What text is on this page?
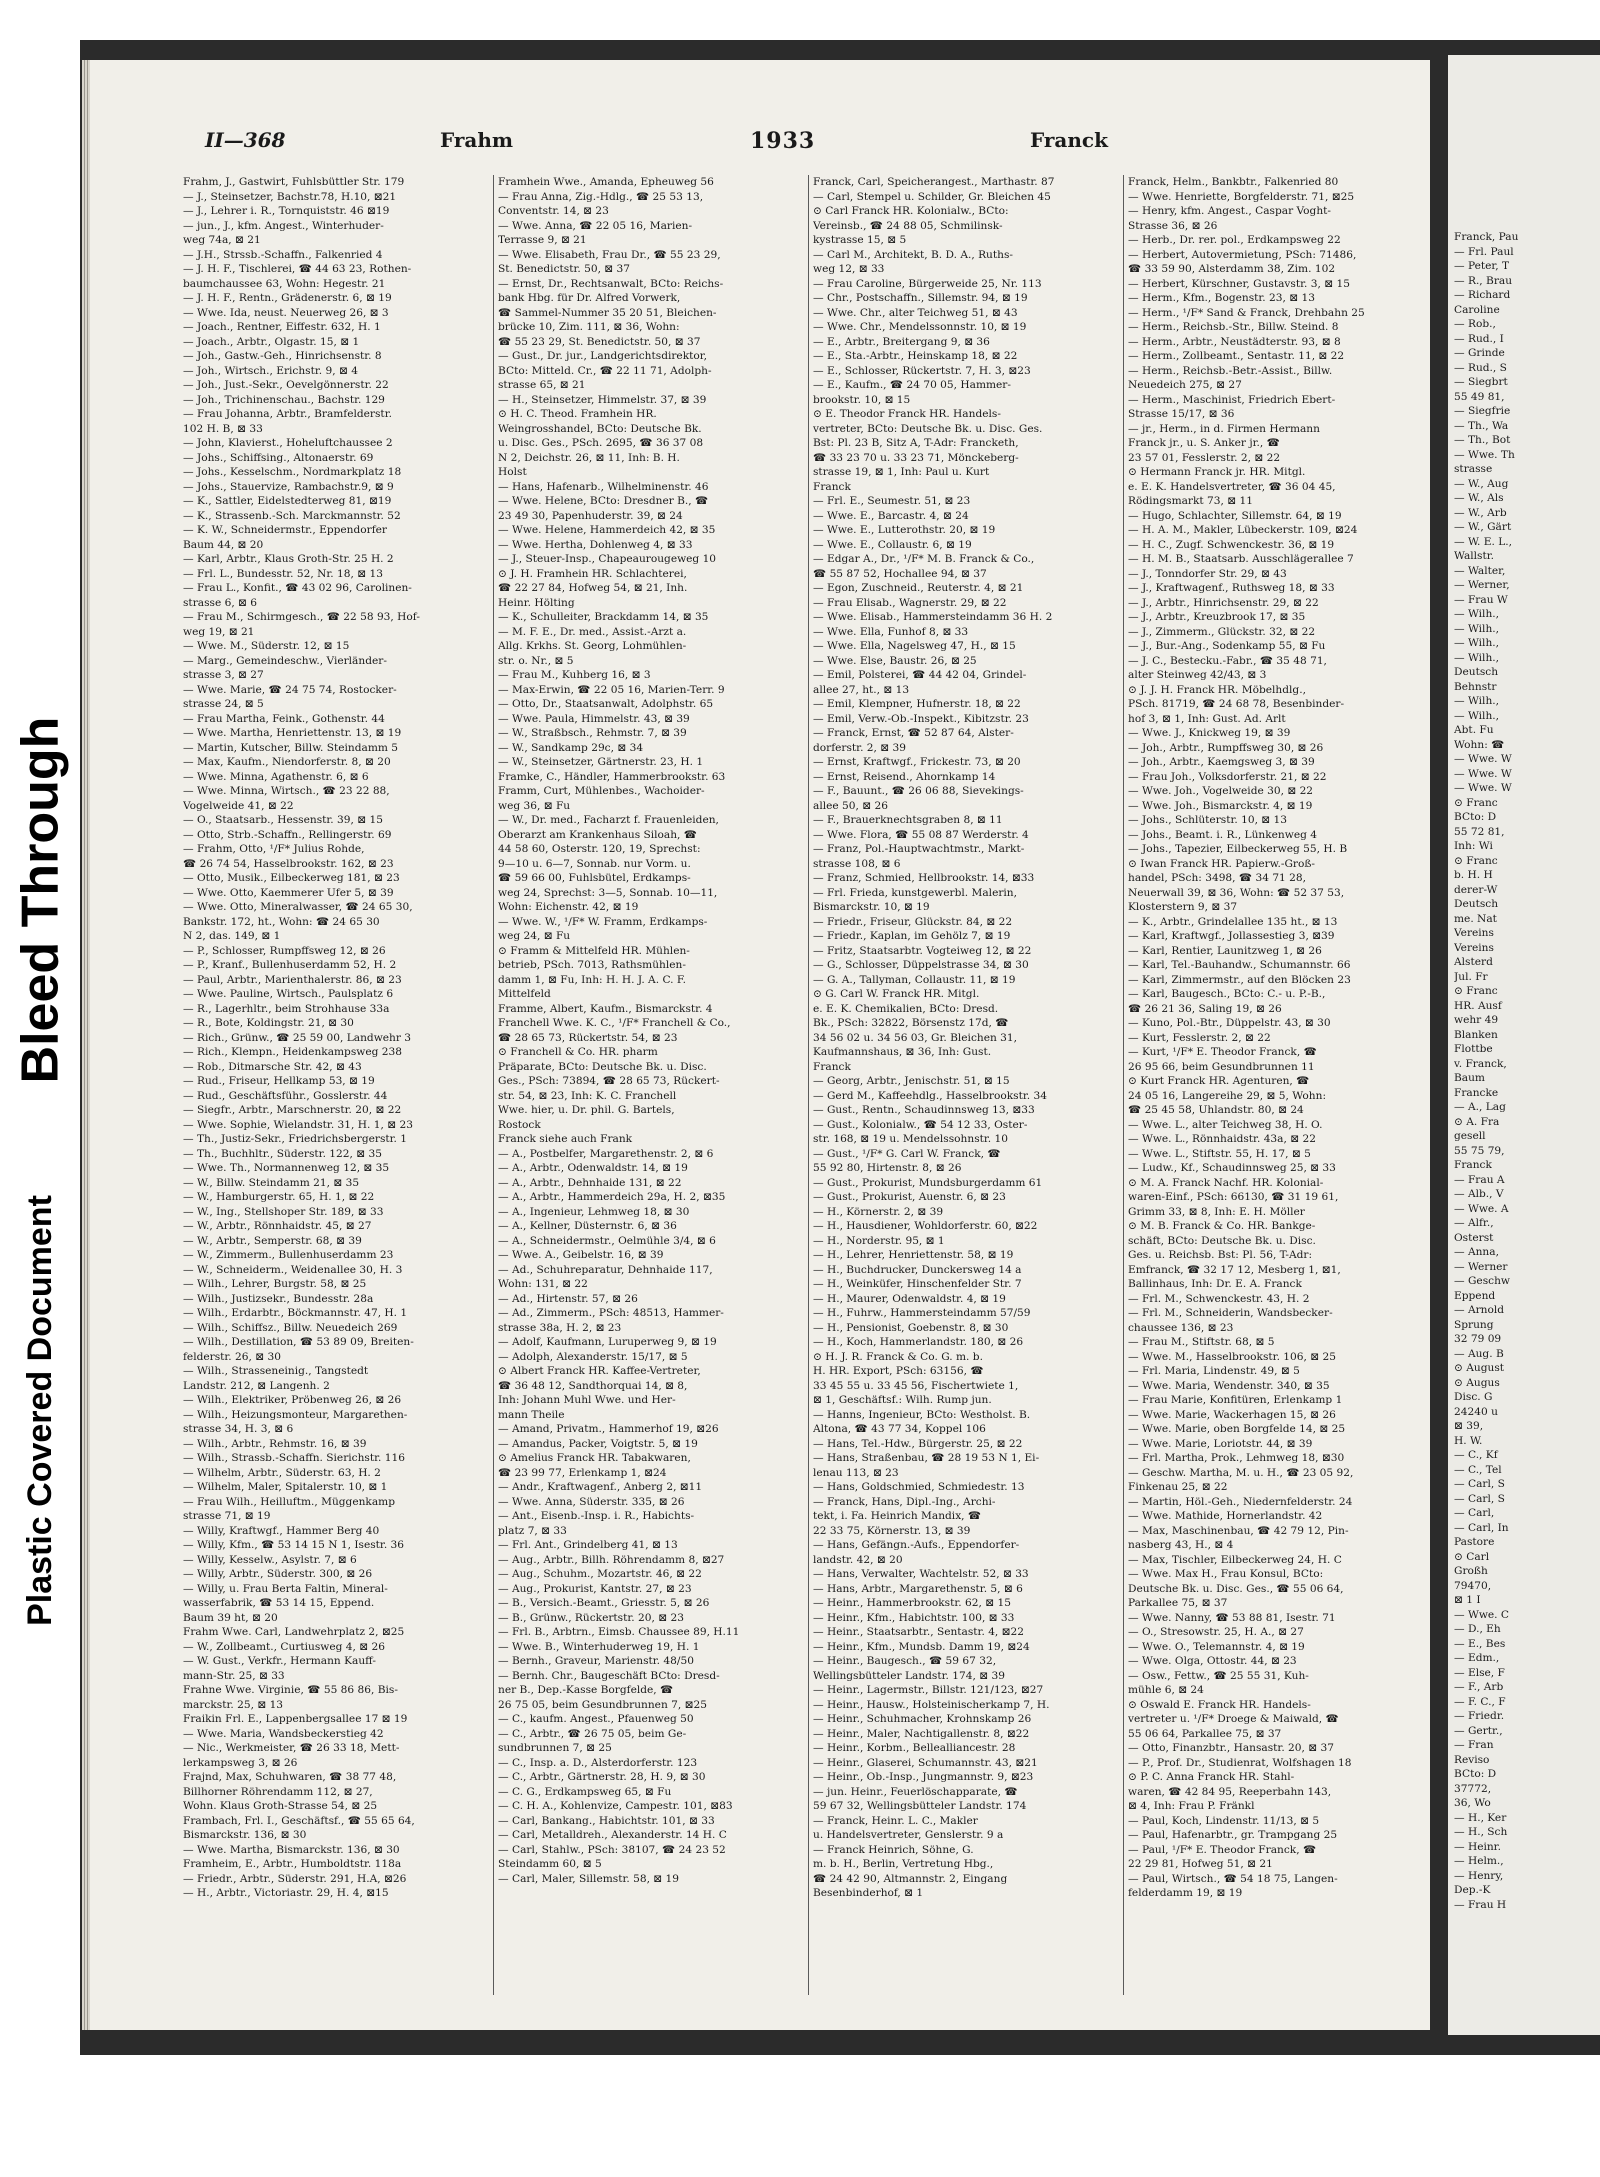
Bleed Through
Plastic Covered Document
Franck, Pau
— Frl. Paul
— Peter, T
— R., Brau
— Richard
Caroline
— Rob.,
— Rud., I
— Grinde
— Rud., S
— Siegbrt
55 49 81,
— Siegfrie
— Th., Wa
— Th., Bot
— Wwe. Th
strasse
— W., Aug
— W., Als
— W., Arb
— W., Gärt
— W. E. L.,
Wallstr.
— Walter,
— Werner,
— Frau W
— Wilh.,
— Wilh.,
— Wilh.,
— Wilh.,
Deutsch
Behnstr
— Wilh.,
— Wilh.,
Abt. Fu
Wohn: ☎
— Wwe. W
— Wwe. W
— Wwe. W
⊙ Franc
BCto: D
55 72 81,
Inh: Wi
⊙ Franc
b. H. H
derer-W
Deutsch
me. Nat
Vereins
Vereins
Alsterd
Jul. Fr
⊙ Franc
HR. Ausf
wehr 49
Blanken
Flottbe
v. Franck,
Baum
Francke
— A., Lag
⊙ A. Fra
gesell
55 75 79,
Franck
— Frau A
— Alb., V
— Wwe. A
— Alfr.,
Osterst
— Anna,
— Werner
— Geschw
Eppend
— Arnold
Sprung
32 79 09
— Aug. B
⊙ August
⊙ Augus
Disc. G
24240 u
⊠ 39,
H. W.
— C., Kf
— C., Tel
— Carl, S
— Carl, S
— Carl,
— Carl, In
Pastore
⊙ Carl
Großh
79470,
⊠ 1 I
— Wwe. C
— D., Eh
— E., Bes
— Edm.,
— Else, F
— F., Arb
— F. C., F
— Friedr.
— Gertr.,
— Fran
Reviso
BCto: D
37772,
36, Wo
— H., Ker
— H., Sch
— Heinr.
— Helm.,
— Henry,
Dep.-K
— Frau H
II—368	Frahm	1933	Franck
Frahm, J., Gastwirt, Fuhlsbüttler Str. 179
— J., Steinsetzer, Bachstr.78, H.10, ⊠21
— J., Lehrer i. R., Tornquiststr. 46 ⊠19
— jun., J., kfm. Angest., Winterhuder-
weg 74a, ⊠ 21
— J.H., Strssb.-Schaffn., Falkenried 4
— J. H. F., Tischlerei, ☎ 44 63 23, Rothen-
baumchaussee 63, Wohn: Hegestr. 21
— J. H. F., Rentn., Grädenerstr. 6, ⊠ 19
— Wwe. Ida, neust. Neuerweg 26, ⊠ 3
— Joach., Rentner, Eiffestr. 632, H. 1
— Joach., Arbtr., Olgastr. 15, ⊠ 1
— Joh., Gastw.-Geh., Hinrichsenstr. 8
— Joh., Wirtsch., Erichstr. 9, ⊠ 4
— Joh., Just.-Sekr., Oevelgönnerstr. 22
— Joh., Trichinenschau., Bachstr. 129
— Frau Johanna, Arbtr., Bramfelderstr.
102 H. B, ⊠ 33
— John, Klavierst., Hoheluftchaussee 2
— Johs., Schiffsing., Altonaerstr. 69
— Johs., Kesselschm., Nordmarkplatz 18
— Johs., Stauervize, Rambachstr.9, ⊠ 9
— K., Sattler, Eidelstedterweg 81, ⊠19
— K., Strassenb.-Sch. Marckmannstr. 52
— K. W., Schneidermstr., Eppendorfer
Baum 44, ⊠ 20
— Karl, Arbtr., Klaus Groth-Str. 25 H. 2
— Frl. L., Bundesstr. 52, Nr. 18, ⊠ 13
— Frau L., Konfit., ☎ 43 02 96, Carolinen-
strasse 6, ⊠ 6
— Frau M., Schirmgesch., ☎ 22 58 93, Hof-
weg 19, ⊠ 21
— Wwe. M., Süderstr. 12, ⊠ 15
— Marg., Gemeindeschw., Vierländer-
strasse 3, ⊠ 27
— Wwe. Marie, ☎ 24 75 74, Rostocker-
strasse 24, ⊠ 5
— Frau Martha, Feink., Gothenstr. 44
— Wwe. Martha, Henriettenstr. 13, ⊠ 19
— Martin, Kutscher, Billw. Steindamm 5
— Max, Kaufm., Niendorferstr. 8, ⊠ 20
— Wwe. Minna, Agathenstr. 6, ⊠ 6
— Wwe. Minna, Wirtsch., ☎ 23 22 88,
Vogelweide 41, ⊠ 22
— O., Staatsarb., Hessenstr. 39, ⊠ 15
— Otto, Strb.-Schaffn., Rellingerstr. 69
— Frahm, Otto, ¹/F* Julius Rohde,
☎ 26 74 54, Hasselbrookstr. 162, ⊠ 23
— Otto, Musik., Eilbeckerweg 181, ⊠ 23
— Wwe. Otto, Kaemmerer Ufer 5, ⊠ 39
— Wwe. Otto, Mineralwasser, ☎ 24 65 30,
Bankstr. 172, ht., Wohn: ☎ 24 65 30
N 2, das. 149, ⊠ 1
— P., Schlosser, Rumpffsweg 12, ⊠ 26
— P., Kranf., Bullenhuserdamm 52, H. 2
— Paul, Arbtr., Marienthalerstr. 86, ⊠ 23
— Wwe. Pauline, Wirtsch., Paulsplatz 6
— R., Lagerhltr., beim Strohhause 33a
— R., Bote, Koldingstr. 21, ⊠ 30
— Rich., Grünw., ☎ 25 59 00, Landwehr 3
— Rich., Klempn., Heidenkampsweg 238
— Rob., Ditmarsche Str. 42, ⊠ 43
— Rud., Friseur, Hellkamp 53, ⊠ 19
— Rud., Geschäftsführ., Gosslerstr. 44
— Siegfr., Arbtr., Marschnerstr. 20, ⊠ 22
— Wwe. Sophie, Wielandstr. 31, H. 1, ⊠ 23
— Th., Justiz-Sekr., Friedrichsbergerstr. 1
— Th., Buchhltr., Süderstr. 122, ⊠ 35
— Wwe. Th., Normannenweg 12, ⊠ 35
— W., Billw. Steindamm 21, ⊠ 35
— W., Hamburgerstr. 65, H. 1, ⊠ 22
— W., Ing., Stellshoper Str. 189, ⊠ 33
— W., Arbtr., Rönnhaidstr. 45, ⊠ 27
— W., Arbtr., Semperstr. 68, ⊠ 39
— W., Zimmerm., Bullenhuserdamm 23
— W., Schneiderm., Weidenallee 30, H. 3
— Wilh., Lehrer, Burgstr. 58, ⊠ 25
— Wilh., Justizsekr., Bundesstr. 28a
— Wilh., Erdarbtr., Böckmannstr. 47, H. 1
— Wilh., Schiffsz., Billw. Neuedeich 269
— Wilh., Destillation, ☎ 53 89 09, Breiten-
felderstr. 26, ⊠ 30
— Wilh., Strasseneinig., Tangstedt
Landstr. 212, ⊠ Langenh. 2
— Wilh., Elektriker, Pröbenweg 26, ⊠ 26
— Wilh., Heizungsmonteur, Margarethen-
strasse 34, H. 3, ⊠ 6
— Wilh., Arbtr., Rehmstr. 16, ⊠ 39
— Wilh., Strassb.-Schaffn. Sierichstr. 116
— Wilhelm, Arbtr., Süderstr. 63, H. 2
— Wilhelm, Maler, Spitalerstr. 10, ⊠ 1
— Frau Wilh., Heilluftm., Müggenkamp
strasse 71, ⊠ 19
— Willy, Kraftwgf., Hammer Berg 40
— Willy, Kfm., ☎ 53 14 15 N 1, Isestr. 36
— Willy, Kesselw., Asylstr. 7, ⊠ 6
— Willy, Arbtr., Süderstr. 300, ⊠ 26
— Willy, u. Frau Berta Faltin, Mineral-
wasserfabrik, ☎ 53 14 15, Eppend.
Baum 39 ht, ⊠ 20
Frahm Wwe. Carl, Landwehrplatz 2, ⊠25
— W., Zollbeamt., Curtiusweg 4, ⊠ 26
— W. Gust., Verkfr., Hermann Kauff-
mann-Str. 25, ⊠ 33
Frahne Wwe. Virginie, ☎ 55 86 86, Bis-
marckstr. 25, ⊠ 13
Fraikin Frl. E., Lappenbergsallee 17 ⊠ 19
— Wwe. Maria, Wandsbeckerstieg 42
— Nic., Werkmeister, ☎ 26 33 18, Mett-
lerkampsweg 3, ⊠ 26
Frajnd, Max, Schuhwaren, ☎ 38 77 48,
Billhorner Röhrendamm 112, ⊠ 27,
Wohn. Klaus Groth-Strasse 54, ⊠ 25
Frambach, Frl. I., Geschäftsf., ☎ 55 65 64,
Bismarckstr. 136, ⊠ 30
— Wwe. Martha, Bismarckstr. 136, ⊠ 30
Framheim, E., Arbtr., Humboldtstr. 118a
— Friedr., Arbtr., Süderstr. 291, H.A, ⊠26
— H., Arbtr., Victoriastr. 29, H. 4, ⊠15
Framhein Wwe., Amanda, Epheuweg 56
— Frau Anna, Zig.-Hdlg., ☎ 25 53 13,
Conventstr. 14, ⊠ 23
— Wwe. Anna, ☎ 22 05 16, Marien-
Terrasse 9, ⊠ 21
— Wwe. Elisabeth, Frau Dr., ☎ 55 23 29,
St. Benedictstr. 50, ⊠ 37
— Ernst, Dr., Rechtsanwalt, BCto: Reichs-
bank Hbg. für Dr. Alfred Vorwerk,
☎ Sammel-Nummer 35 20 51, Bleichen-
brücke 10, Zim. 111, ⊠ 36, Wohn:
☎ 55 23 29, St. Benedictstr. 50, ⊠ 37
— Gust., Dr. jur., Landgerichtsdirektor,
BCto: Mitteld. Cr., ☎ 22 11 71, Adolph-
strasse 65, ⊠ 21
— H., Steinsetzer, Himmelstr. 37, ⊠ 39
⊙ H. C. Theod. Framhein HR.
Weingrosshandel, BCto: Deutsche Bk.
u. Disc. Ges., PSch. 2695, ☎ 36 37 08
N 2, Deichstr. 26, ⊠ 11, Inh: B. H.
Holst
— Hans, Hafenarb., Wilhelminenstr. 46
— Wwe. Helene, BCto: Dresdner B., ☎
23 49 30, Papenhuderstr. 39, ⊠ 24
— Wwe. Helene, Hammerdeich 42, ⊠ 35
— Wwe. Hertha, Dohlenweg 4, ⊠ 33
— J., Steuer-Insp., Chapeaurougeweg 10
⊙ J. H. Framhein HR. Schlachterei,
☎ 22 27 84, Hofweg 54, ⊠ 21, Inh.
Heinr. Hölting
— K., Schulleiter, Brackdamm 14, ⊠ 35
— M. F. E., Dr. med., Assist.-Arzt a.
Allg. Krkhs. St. Georg, Lohmühlen-
str. o. Nr., ⊠ 5
— Frau M., Kuhberg 16, ⊠ 3
— Max-Erwin, ☎ 22 05 16, Marien-Terr. 9
— Otto, Dr., Staatsanwalt, Adolphstr. 65
— Wwe. Paula, Himmelstr. 43, ⊠ 39
— W., Straßbsch., Rehmstr. 7, ⊠ 39
— W., Sandkamp 29c, ⊠ 34
— W., Steinsetzer, Gärtnerstr. 23, H. 1
Framke, C., Händler, Hammerbrookstr. 63
Framm, Curt, Mühlenbes., Wachoider-
weg 36, ⊠ Fu
— W., Dr. med., Facharzt f. Frauenleiden,
Oberarzt am Krankenhaus Siloah, ☎
44 58 60, Osterstr. 120, 19, Sprechst:
9—10 u. 6—7, Sonnab. nur Vorm. u.
☎ 59 66 00, Fuhlsbütel, Erdkamps-
weg 24, Sprechst: 3—5, Sonnab. 10—11,
Wohn: Eichenstr. 42, ⊠ 19
— Wwe. W., ¹/F* W. Framm, Erdkamps-
weg 24, ⊠ Fu
⊙ Framm & Mittelfeld HR. Mühlen-
betrieb, PSch. 7013, Rathsmühlen-
damm 1, ⊠ Fu, Inh: H. H. J. A. C. F.
Mittelfeld
Framme, Albert, Kaufm., Bismarckstr. 4
Franchell Wwe. K. C., ¹/F* Franchell & Co.,
☎ 28 65 73, Rückertstr. 54, ⊠ 23
⊙ Franchell & Co. HR. pharm
Präparate, BCto: Deutsche Bk. u. Disc.
Ges., PSch: 73894, ☎ 28 65 73, Rückert-
str. 54, ⊠ 23, Inh: K. C. Franchell
Wwe. hier, u. Dr. phil. G. Bartels,
Rostock
Franck siehe auch Frank
— A., Postbelfer, Margarethenstr. 2, ⊠ 6
— A., Arbtr., Odenwaldstr. 14, ⊠ 19
— A., Arbtr., Dehnhaide 131, ⊠ 22
— A., Arbtr., Hammerdeich 29a, H. 2, ⊠35
— A., Ingenieur, Lehmweg 18, ⊠ 30
— A., Kellner, Düsternstr. 6, ⊠ 36
— A., Schneidermstr., Oelmühle 3/4, ⊠ 6
— Wwe. A., Geibelstr. 16, ⊠ 39
— Ad., Schuhreparatur, Dehnhaide 117,
Wohn: 131, ⊠ 22
— Ad., Hirtenstr. 57, ⊠ 26
— Ad., Zimmerm., PSch: 48513, Hammer-
strasse 38a, H. 2, ⊠ 23
— Adolf, Kaufmann, Luruperweg 9, ⊠ 19
— Adolph, Alexanderstr. 15/17, ⊠ 5
⊙ Albert Franck HR. Kaffee-Vertreter,
☎ 36 48 12, Sandthorquai 14, ⊠ 8,
Inh: Johann Muhl Wwe. und Her-
mann Theile
— Amand, Privatm., Hammerhof 19, ⊠26
— Amandus, Packer, Voigtstr. 5, ⊠ 19
⊙ Amelius Franck HR. Tabakwaren,
☎ 23 99 77, Erlenkamp 1, ⊠24
— Andr., Kraftwagenf., Anberg 2, ⊠11
— Wwe. Anna, Süderstr. 335, ⊠ 26
— Ant., Eisenb.-Insp. i. R., Habichts-
platz 7, ⊠ 33
— Frl. Ant., Grindelberg 41, ⊠ 13
— Aug., Arbtr., Billh. Röhrendamm 8, ⊠27
— Aug., Schuhm., Mozartstr. 46, ⊠ 22
— Aug., Prokurist, Kantstr. 27, ⊠ 23
— B., Versich.-Beamt., Griesstr. 5, ⊠ 26
— B., Grünw., Rückertstr. 20, ⊠ 23
— Frl. B., Arbtrn., Eimsb. Chaussee 89, H.11
— Wwe. B., Winterhuderweg 19, H. 1
— Bernh., Graveur, Marienstr. 48/50
— Bernh. Chr., Baugeschäft BCto: Dresd-
ner B., Dep.-Kasse Borgfelde, ☎
26 75 05, beim Gesundbrunnen 7, ⊠25
— C., kaufm. Angest., Pfauenweg 50
— C., Arbtr., ☎ 26 75 05, beim Ge-
sundbrunnen 7, ⊠ 25
— C., Insp. a. D., Alsterdorferstr. 123
— C., Arbtr., Gärtnerstr. 28, H. 9, ⊠ 30
— C. G., Erdkampsweg 65, ⊠ Fu
— C. H. A., Kohlenvize, Campestr. 101, ⊠83
— Carl, Bankang., Habichtstr. 101, ⊠ 33
— Carl, Metalldreh., Alexanderstr. 14 H. C
— Carl, Stahlw., PSch: 38107, ☎ 24 23 52
Steindamm 60, ⊠ 5
— Carl, Maler, Sillemstr. 58, ⊠ 19
Franck, Carl, Speicherangest., Marthastr. 87
— Carl, Stempel u. Schilder, Gr. Bleichen 45
⊙ Carl Franck HR. Kolonialw., BCto:
Vereinsb., ☎ 24 88 05, Schmilinsk-
kystrasse 15, ⊠ 5
— Carl M., Architekt, B. D. A., Ruths-
weg 12, ⊠ 33
— Frau Caroline, Bürgerweide 25, Nr. 113
— Chr., Postschaffn., Sillemstr. 94, ⊠ 19
— Wwe. Chr., alter Teichweg 51, ⊠ 43
— Wwe. Chr., Mendelssonnstr. 10, ⊠ 19
— E., Arbtr., Breitergang 9, ⊠ 36
— E., Sta.-Arbtr., Heinskamp 18, ⊠ 22
— E., Schlosser, Rückertstr. 7, H. 3, ⊠23
— E., Kaufm., ☎ 24 70 05, Hammer-
brookstr. 10, ⊠ 15
⊙ E. Theodor Franck HR. Handels-
vertreter, BCto: Deutsche Bk. u. Disc. Ges.
Bst: Pl. 23 B, Sitz A, T-Adr: Francketh,
☎ 33 23 70 u. 33 23 71, Mönckeberg-
strasse 19, ⊠ 1, Inh: Paul u. Kurt
Franck
— Frl. E., Seumestr. 51, ⊠ 23
— Wwe. E., Barcastr. 4, ⊠ 24
— Wwe. E., Lutterothstr. 20, ⊠ 19
— Wwe. E., Collaustr. 6, ⊠ 19
— Edgar A., Dr., ¹/F* M. B. Franck & Co.,
☎ 55 87 52, Hochallee 94, ⊠ 37
— Egon, Zuschneid., Reuterstr. 4, ⊠ 21
— Frau Elisab., Wagnerstr. 29, ⊠ 22
— Wwe. Elisab., Hammersteindamm 36 H. 2
— Wwe. Ella, Funhof 8, ⊠ 33
— Wwe. Ella, Nagelsweg 47, H., ⊠ 15
— Wwe. Else, Baustr. 26, ⊠ 25
— Emil, Polsterei, ☎ 44 42 04, Grindel-
allee 27, ht., ⊠ 13
— Emil, Klempner, Hufnerstr. 18, ⊠ 22
— Emil, Verw.-Ob.-Inspekt., Kibitzstr. 23
— Franck, Ernst, ☎ 52 87 64, Alster-
dorferstr. 2, ⊠ 39
— Ernst, Kraftwgf., Frickestr. 73, ⊠ 20
— Ernst, Reisend., Ahornkamp 14
— F., Bauunt., ☎ 26 06 88, Sievekings-
allee 50, ⊠ 26
— F., Brauerknechtsgraben 8, ⊠ 11
— Wwe. Flora, ☎ 55 08 87 Werderstr. 4
— Franz, Pol.-Hauptwachtmstr., Markt-
strasse 108, ⊠ 6
— Franz, Schmied, Hellbrookstr. 14, ⊠33
— Frl. Frieda, kunstgewerbl. Malerin,
Bismarckstr. 10, ⊠ 19
— Friedr., Friseur, Glückstr. 84, ⊠ 22
— Friedr., Kaplan, im Gehölz 7, ⊠ 19
— Fritz, Staatsarbtr. Vogteiweg 12, ⊠ 22
— G., Schlosser, Düppelstrasse 34, ⊠ 30
— G. A., Tallyman, Collaustr. 11, ⊠ 19
⊙ G. Carl W. Franck HR. Mitgl.
e. E. K. Chemikalien, BCto: Dresd.
Bk., PSch: 32822, Börsenstz 17d, ☎
34 56 02 u. 34 56 03, Gr. Bleichen 31,
Kaufmannshaus, ⊠ 36, Inh: Gust.
Franck
— Georg, Arbtr., Jenischstr. 51, ⊠ 15
— Gerd M., Kaffeehdlg., Hasselbrookstr. 34
— Gust., Rentn., Schaudinnsweg 13, ⊠33
— Gust., Kolonialw., ☎ 54 12 33, Oster-
str. 168, ⊠ 19 u. Mendelssohnstr. 10
— Gust., ¹/F* G. Carl W. Franck, ☎
55 92 80, Hirtenstr. 8, ⊠ 26
— Gust., Prokurist, Mundsburgerdamm 61
— Gust., Prokurist, Auenstr. 6, ⊠ 23
— H., Körnerstr. 2, ⊠ 39
— H., Hausdiener, Wohldorferstr. 60, ⊠22
— H., Norderstr. 95, ⊠ 1
— H., Lehrer, Henriettenstr. 58, ⊠ 19
— H., Buchdrucker, Dunckersweg 14 a
— H., Weinküfer, Hinschenfelder Str. 7
— H., Maurer, Odenwaldstr. 4, ⊠ 19
— H., Fuhrw., Hammersteindamm 57/59
— H., Pensionist, Goebenstr. 8, ⊠ 30
— H., Koch, Hammerlandstr. 180, ⊠ 26
⊙ H. J. R. Franck & Co. G. m. b.
H. HR. Export, PSch: 63156, ☎
33 45 55 u. 33 45 56, Fischertwiete 1,
⊠ 1, Geschäftsf.: Wilh. Rump jun.
— Hanns, Ingenieur, BCto: Westholst. B.
Altona, ☎ 43 77 34, Koppel 106
— Hans, Tel.-Hdw., Bürgerstr. 25, ⊠ 22
— Hans, Straßenbau, ☎ 28 19 53 N 1, Ei-
lenau 113, ⊠ 23
— Hans, Goldschmied, Schmiedestr. 13
— Franck, Hans, Dipl.-Ing., Archi-
tekt, i. Fa. Heinrich Mandix, ☎
22 33 75, Körnerstr. 13, ⊠ 39
— Hans, Gefängn.-Aufs., Eppendorfer-
landstr. 42, ⊠ 20
— Hans, Verwalter, Wachtelstr. 52, ⊠ 33
— Hans, Arbtr., Margarethenstr. 5, ⊠ 6
— Heinr., Hammerbrookstr. 62, ⊠ 15
— Heinr., Kfm., Habichtstr. 100, ⊠ 33
— Heinr., Staatsarbtr., Sentastr. 4, ⊠22
— Heinr., Kfm., Mundsb. Damm 19, ⊠24
— Heinr., Baugesch., ☎ 59 67 32,
Wellingsbütteler Landstr. 174, ⊠ 39
— Heinr., Lagermstr., Billstr. 121/123, ⊠27
— Heinr., Hausw., Holsteinischerkamp 7, H.
— Heinr., Schuhmacher, Krohnskamp 26
— Heinr., Maler, Nachtigallenstr. 8, ⊠22
— Heinr., Korbm., Bellealliancestr. 28
— Heinr., Glaserei, Schumannstr. 43, ⊠21
— Heinr., Ob.-Insp., Jungmannstr. 9, ⊠23
— jun. Heinr., Feuerlöschapparate, ☎
59 67 32, Wellingsbütteler Landstr. 174
— Franck, Heinr. L. C., Makler
u. Handelsvertreter, Genslerstr. 9 a
— Franck Heinrich, Söhne, G.
m. b. H., Berlin, Vertretung Hbg.,
☎ 24 42 90, Altmannstr. 2, Eingang
Besenbinderhof, ⊠ 1
Franck, Helm., Bankbtr., Falkenried 80
— Wwe. Henriette, Borgfelderstr. 71, ⊠25
— Henry, kfm. Angest., Caspar Voght-
Strasse 36, ⊠ 26
— Herb., Dr. rer. pol., Erdkampsweg 22
— Herbert, Autovermietung, PSch: 71486,
☎ 33 59 90, Alsterdamm 38, Zim. 102
— Herbert, Kürschner, Gustavstr. 3, ⊠ 15
— Herm., Kfm., Bogenstr. 23, ⊠ 13
— Herm., ¹/F* Sand & Franck, Drehbahn 25
— Herm., Reichsb.-Str., Billw. Steind. 8
— Herm., Arbtr., Neustädterstr. 93, ⊠ 8
— Herm., Zollbeamt., Sentastr. 11, ⊠ 22
— Herm., Reichsb.-Betr.-Assist., Billw.
Neuedeich 275, ⊠ 27
— Herm., Maschinist, Friedrich Ebert-
Strasse 15/17, ⊠ 36
— jr., Herm., in d. Firmen Hermann
Franck jr., u. S. Anker jr., ☎
23 57 01, Fesslerstr. 2, ⊠ 22
⊙ Hermann Franck jr. HR. Mitgl.
e. E. K. Handelsvertreter, ☎ 36 04 45,
Rödingsmarkt 73, ⊠ 11
— Hugo, Schlachter, Sillemstr. 64, ⊠ 19
— H. A. M., Makler, Lübeckerstr. 109, ⊠24
— H. C., Zugf. Schwenckestr. 36, ⊠ 19
— H. M. B., Staatsarb. Ausschlägerallee 7
— J., Tonndorfer Str. 29, ⊠ 43
— J., Kraftwagenf., Ruthsweg 18, ⊠ 33
— J., Arbtr., Hinrichsenstr. 29, ⊠ 22
— J., Arbtr., Kreuzbrook 17, ⊠ 35
— J., Zimmerm., Glückstr. 32, ⊠ 22
— J., Bur.-Ang., Sodenkamp 55, ⊠ Fu
— J. C., Bestecku.-Fabr., ☎ 35 48 71,
alter Steinweg 42/43, ⊠ 3
⊙ J. J. H. Franck HR. Möbelhdlg.,
PSch. 81719, ☎ 24 68 78, Besenbinder-
hof 3, ⊠ 1, Inh: Gust. Ad. Arlt
— Wwe. J., Knickweg 19, ⊠ 39
— Joh., Arbtr., Rumpffsweg 30, ⊠ 26
— Joh., Arbtr., Kaemgsweg 3, ⊠ 39
— Frau Joh., Volksdorferstr. 21, ⊠ 22
— Wwe. Joh., Vogelweide 30, ⊠ 22
— Wwe. Joh., Bismarckstr. 4, ⊠ 19
— Johs., Schlüterstr. 10, ⊠ 13
— Johs., Beamt. i. R., Lünkenweg 4
— Johs., Tapezier, Eilbeckerweg 55, H. B
⊙ Iwan Franck HR. Papierw.-Groß-
handel, PSch: 3498, ☎ 34 71 28,
Neuerwall 39, ⊠ 36, Wohn: ☎ 52 37 53,
Klosterstern 9, ⊠ 37
— K., Arbtr., Grindelallee 135 ht., ⊠ 13
— Karl, Kraftwgf., Jollassestieg 3, ⊠39
— Karl, Rentier, Launitzweg 1, ⊠ 26
— Karl, Tel.-Bauhandw., Schumannstr. 66
— Karl, Zimmermstr., auf den Blöcken 23
— Karl, Baugesch., BCto: C.- u. P.-B.,
☎ 26 21 36, Saling 19, ⊠ 26
— Kuno, Pol.-Btr., Düppelstr. 43, ⊠ 30
— Kurt, Fesslerstr. 2, ⊠ 22
— Kurt, ¹/F* E. Theodor Franck, ☎
26 95 66, beim Gesundbrunnen 11
⊙ Kurt Franck HR. Agenturen, ☎
24 05 16, Langereihe 29, ⊠ 5, Wohn:
☎ 25 45 58, Uhlandstr. 80, ⊠ 24
— Wwe. L., alter Teichweg 38, H. O.
— Wwe. L., Rönnhaidstr. 43a, ⊠ 22
— Wwe. L., Stiftstr. 55, H. 17, ⊠ 5
— Ludw., Kf., Schaudinnsweg 25, ⊠ 33
⊙ M. A. Franck Nachf. HR. Kolonial-
waren-Einf., PSch: 66130, ☎ 31 19 61,
Grimm 33, ⊠ 8, Inh: E. H. Möller
⊙ M. B. Franck & Co. HR. Bankge-
schäft, BCto: Deutsche Bk. u. Disc.
Ges. u. Reichsb. Bst: Pl. 56, T-Adr:
Emfranck, ☎ 32 17 12, Mesberg 1, ⊠1,
Ballinhaus, Inh: Dr. E. A. Franck
— Frl. M., Schwenckestr. 43, H. 2
— Frl. M., Schneiderin, Wandsbecker-
chaussee 136, ⊠ 23
— Frau M., Stiftstr. 68, ⊠ 5
— Wwe. M., Hasselbrookstr. 106, ⊠ 25
— Frl. Maria, Lindenstr. 49, ⊠ 5
— Wwe. Maria, Wendenstr. 340, ⊠ 35
— Frau Marie, Konfitüren, Erlenkamp 1
— Wwe. Marie, Wackerhagen 15, ⊠ 26
— Wwe. Marie, oben Borgfelde 14, ⊠ 25
— Wwe. Marie, Loriotstr. 44, ⊠ 39
— Frl. Martha, Prok., Lehmweg 18, ⊠30
— Geschw. Martha, M. u. H., ☎ 23 05 92,
Finkenau 25, ⊠ 22
— Martin, Höl.-Geh., Niedernfelderstr. 24
— Wwe. Mathide, Hornerlandstr. 42
— Max, Maschinenbau, ☎ 42 79 12, Pin-
nasberg 43, H., ⊠ 4
— Max, Tischler, Eilbeckerweg 24, H. C
— Wwe. Max H., Frau Konsul, BCto:
Deutsche Bk. u. Disc. Ges., ☎ 55 06 64,
Parkallee 75, ⊠ 37
— Wwe. Nanny, ☎ 53 88 81, Isestr. 71
— O., Stresowstr. 25, H. A., ⊠ 27
— Wwe. O., Telemannstr. 4, ⊠ 19
— Wwe. Olga, Ottostr. 44, ⊠ 23
— Osw., Fettw., ☎ 25 55 31, Kuh-
mühle 6, ⊠ 24
⊙ Oswald E. Franck HR. Handels-
vertreter u. ¹/F* Droege & Maiwald, ☎
55 06 64, Parkallee 75, ⊠ 37
— Otto, Finanzbtr., Hansastr. 20, ⊠ 37
— P., Prof. Dr., Studienrat, Wolfshagen 18
⊙ P. C. Anna Franck HR. Stahl-
waren, ☎ 42 84 95, Reeperbahn 143,
⊠ 4, Inh: Frau P. Fränkl
— Paul, Koch, Lindenstr. 11/13, ⊠ 5
— Paul, Hafenarbtr., gr. Trampgang 25
— Paul, ¹/F* E. Theodor Franck, ☎
22 29 81, Hofweg 51, ⊠ 21
— Paul, Wirtsch., ☎ 54 18 75, Langen-
felderdamm 19, ⊠ 19
